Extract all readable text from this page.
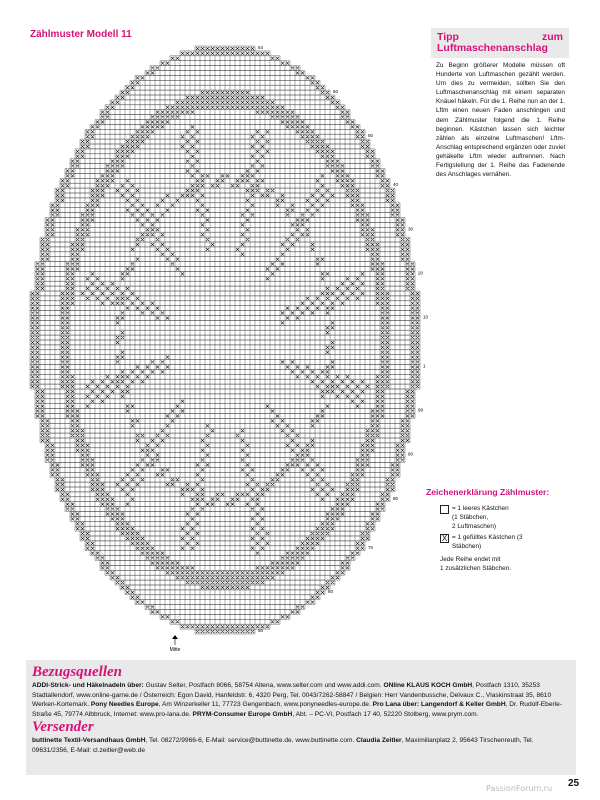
Zählmuster Modell 11
64
60
50
40
30
20
10
1
99
90
80
70
60
50
Mitte
Tipp zum Luftmaschenanschlag
Zu Beginn größerer Modelle müssen oft Hunderte von Luftmaschen gezählt werden. Um dies zu vermeiden, sollten Sie den Luftmaschenanschlag mit einem separaten Knäuel häkeln. Für die 1. Reihe nun an der 1. Lftm einen neuen Faden anschlingen und dem Zählmuster folgend die 1. Reihe beginnen. Kästchen lassen sich leichter zählen als einzelne Luftmaschen! Lftm-Anschlag entsprechend ergänzen oder zuviel gehäkelte Lftm wieder auftrennen. Nach Fertigstellung der 1. Reihe das Fadenende des Anschlages vernähen.
Zeichenerklärung Zählmuster:
= 1 leeres Kästchen
(1 Stäbchen,
2 Luftmaschen)
X = 1 gefülltes Kästchen (3
Stäbchen)
Jede Reihe endet mit
1 zusätzlichen Stäbchen.
Bezugsquellen
ADDI-Strick- und Häkelnadeln über: Gustav Selter, Postfach 8066, 58754 Altena, www.selter.com und www.addi.com. ONline KLAUS KOCH GmbH, Postfach 1310, 35253 Stadtallendorf, www.online-garne.de / Österreich: Egon David, Hanfeldstr. 6, 4320 Perg, Tel. 0043/7262-58847 / Belgien: Herr Vandenbussche, Delvaux C., Vlaskinstraat 35, 8610 Werken-Kortemark. Pony Needles Europe, Am Winzerkeller 11, 77723 Gengenbach, www.ponyneedles-europe.de. Pro Lana über: Langendorf & Keller GmbH, Dr. Rudolf-Eberle-Straße 45, 79774 Albbruck, Internet: www.pro-lana.de. PRYM-Consumer Europe GmbH, Abt. – PC-VI, Postfach 17 40, 52220 Stolberg, www.prym.com.
Versender
buttinette Textil-Versandhaus GmbH, Tel. 08272/9966-6, E-Mail: service@buttinette.de, www.buttinette.com. Claudia Zeitler, Maximilianplatz 2, 95643 Tirschenreuth, Tel. 09631/2356, E-Mail: cl.zeitler@web.de
25
PassionForum.ru
